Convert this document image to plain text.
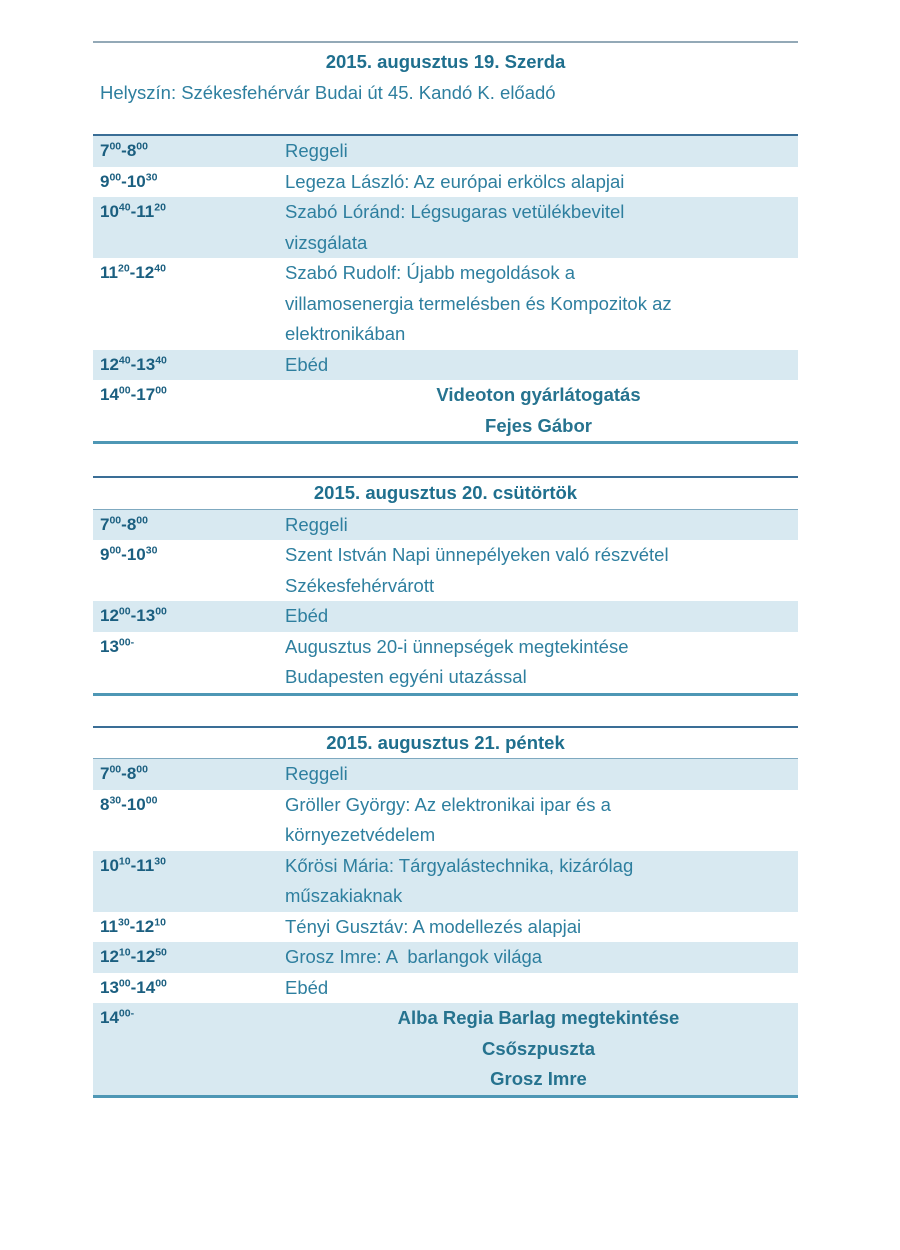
2015. augusztus 19. Szerda
Helyszín: Székesfehérvár Budai út 45. Kandó K. előadó
$7^{00}-8^{00}$	Reggeli
$9^{00}-10^{30}$	Legeza László: Az európai erkölcs alapjai
$10^{40}-11^{20}$	Szabó Lóránd: Légsugaras vetülékbevitel
vizsgálata
$11^{20}-12^{40}$	Szabó Rudolf: Újabb megoldások a
villamosenergia termelésben és Kompozitok az
elektronikában
$12^{40}-13^{40}$	Ebéd
$14^{00}-17^{00}$	Videoton gyárlátogatás
Fejes Gábor
2015. augusztus 20. csütörtök
$7^{00}-8^{00}$	Reggeli
$9^{00}-10^{30}$	Szent István Napi ünnepélyeken való részvétel
Székesfehérvárott
$12^{00}-13^{00}$	Ebéd
$13^{00-}$	Augusztus 20-i ünnepségek megtekintése
Budapesten egyéni utazással
2015. augusztus 21. péntek
$7^{00}-8^{00}$	Reggeli
$8^{30}-10^{00}$	Gröller György: Az elektronikai ipar és a
környezetvédelem
$10^{10}-11^{30}$	Kőrösi Mária: Tárgyalástechnika, kizárólag
műszakiaknak
$11^{30}-12^{10}$	Tényi Gusztáv: A modellezés alapjai
$12^{10}-12^{50}$	Grosz Imre: A  barlangok világa
$13^{00}-14^{00}$	Ebéd
$14^{00-}$	Alba Regia Barlag megtekintése
Csőszpuszta
Grosz Imre
